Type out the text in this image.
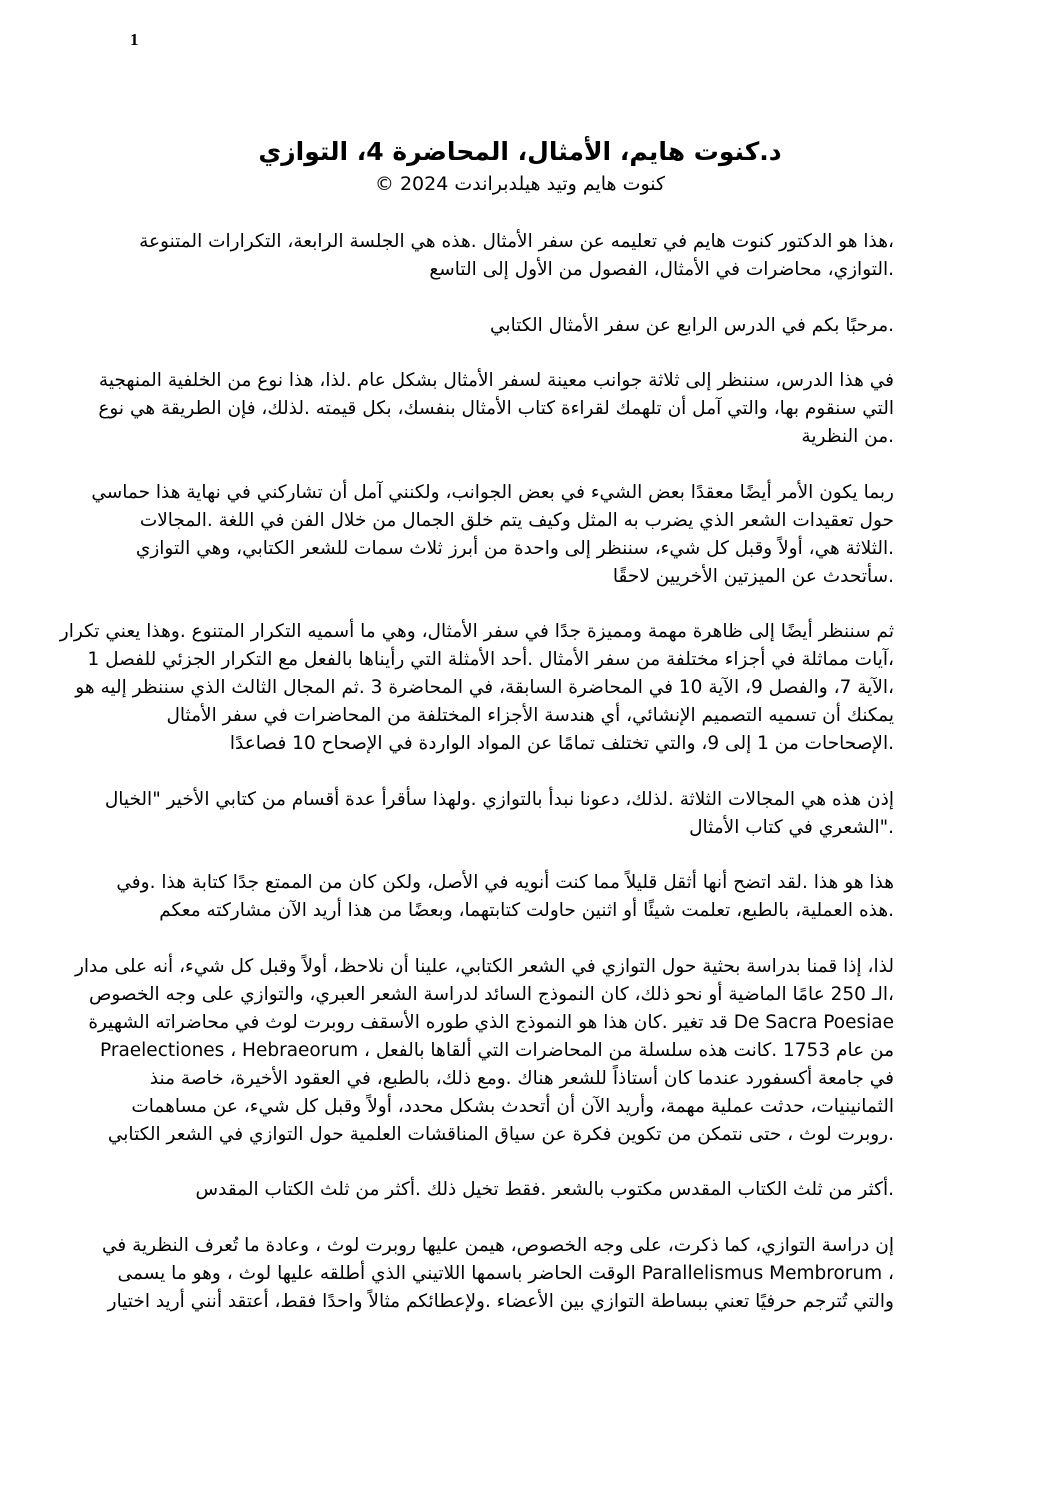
1
د.كنوت هايم، الأمثال، المحاضرة 4، التوازي
كنوت هايم وتيد هيلدبراندت 2024 ©
،هذا هو الدكتور كنوت هايم في تعليمه عن سفر الأمثال .هذه هي الجلسة الرابعة، التكرارات المتنوعة
.التوازي، محاضرات في الأمثال، الفصول من الأول إلى التاسع
.مرحبًا بكم في الدرس الرابع عن سفر الأمثال الكتابي
في هذا الدرس، سننظر إلى ثلاثة جوانب معينة لسفر الأمثال بشكل عام .لذا، هذا نوع من الخلفية المنهجية
التي سنقوم بها، والتي آمل أن تلهمك لقراءة كتاب الأمثال بنفسك، بكل قيمته .لذلك، فإن الطريقة هي نوع
.من النظرية
ربما يكون الأمر أيضًا معقدًا بعض الشيء في بعض الجوانب، ولكنني آمل أن تشاركني في نهاية هذا حماسي
حول تعقيدات الشعر الذي يضرب به المثل وكيف يتم خلق الجمال من خلال الفن في اللغة .المجالات
.الثلاثة هي، أولاً وقبل كل شيء، سننظر إلى واحدة من أبرز ثلاث سمات للشعر الكتابي، وهي التوازي
.سأتحدث عن الميزتين الأخريين لاحقًا
ثم سننظر أيضًا إلى ظاهرة مهمة ومميزة جدًا في سفر الأمثال، وهي ما أسميه التكرار المتنوع .وهذا يعني تكرار
،آيات مماثلة في أجزاء مختلفة من سفر الأمثال .أحد الأمثلة التي رأيناها بالفعل مع التكرار الجزئي للفصل 1
،الآية 7، والفصل 9، الآية 10 في المحاضرة السابقة، في المحاضرة 3 .ثم المجال الثالث الذي سننظر إليه هو
يمكنك أن تسميه التصميم الإنشائي، أي هندسة الأجزاء المختلفة من المحاضرات في سفر الأمثال
.الإصحاحات من 1 إلى 9، والتي تختلف تمامًا عن المواد الواردة في الإصحاح 10 فصاعدًا
إذن هذه هي المجالات الثلاثة .لذلك، دعونا نبدأ بالتوازي .ولهذا سأقرأ عدة أقسام من كتابي الأخير "الخيال
."الشعري في كتاب الأمثال
هذا هو هذا .لقد اتضح أنها أثقل قليلاً مما كنت أنويه في الأصل، ولكن كان من الممتع جدًا كتابة هذا .وفي
.هذه العملية، بالطبع، تعلمت شيئًا أو اثنين حاولت كتابتهما، وبعضًا من هذا أريد الآن مشاركته معكم
لذا، إذا قمنا بدراسة بحثية حول التوازي في الشعر الكتابي، علينا أن نلاحظ، أولاً وقبل كل شيء، أنه على مدار
،الـ 250 عامًا الماضية أو نحو ذلك، كان النموذج السائد لدراسة الشعر العبري، والتوازي على وجه الخصوص
De Sacra Poesiae قد تغير .كان هذا هو النموذج الذي طوره الأسقف روبرت لوث في محاضراته الشهيرة
من عام 1753 .كانت هذه سلسلة من المحاضرات التي ألقاها بالفعل ، Praelectiones ، Hebraeorum
في جامعة أكسفورد عندما كان أستاذاً للشعر هناك .ومع ذلك، بالطبع، في العقود الأخيرة، خاصة منذ
الثمانينيات، حدثت عملية مهمة، وأريد الآن أن أتحدث بشكل محدد، أولاً وقبل كل شيء، عن مساهمات
.روبرت لوث ، حتى نتمكن من تكوين فكرة عن سياق المناقشات العلمية حول التوازي في الشعر الكتابي
.أكثر من ثلث الكتاب المقدس مكتوب بالشعر .فقط تخيل ذلك .أكثر من ثلث الكتاب المقدس
إن دراسة التوازي، كما ذكرت، على وجه الخصوص، هيمن عليها روبرت لوث ، وعادة ما تُعرف النظرية في
، Parallelismus Membrorum الوقت الحاضر باسمها اللاتيني الذي أطلقه عليها لوث ، وهو ما يسمى
والتي تُترجم حرفيًا تعني ببساطة التوازي بين الأعضاء .ولإعطائكم مثالاً واحدًا فقط، أعتقد أنني أريد اختيار
